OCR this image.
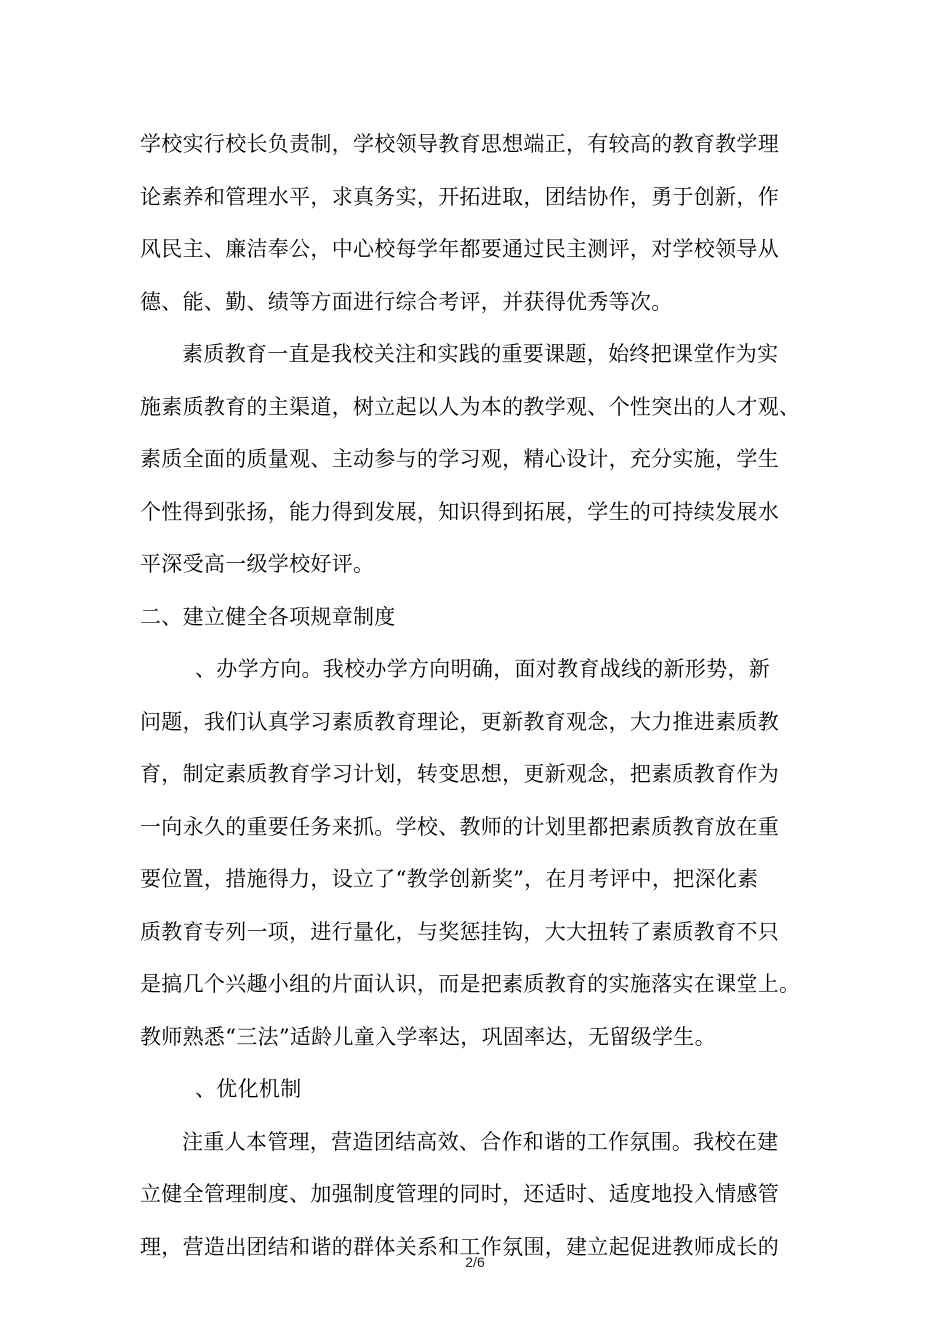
学校实行校长负责制，学校领导教育思想端正，有较高的教育教学理
论素养和管理水平，求真务实，开拓进取，团结协作，勇于创新，作
风民主、廉洁奉公，中心校每学年都要通过民主测评，对学校领导从
德、能、勤、绩等方面进行综合考评，并获得优秀等次。
素质教育一直是我校关注和实践的重要课题，始终把课堂作为实
施素质教育的主渠道，树立起以人为本的教学观、个性突出的人才观、
素质全面的质量观、主动参与的学习观，精心设计，充分实施，学生
个性得到张扬，能力得到发展，知识得到拓展，学生的可持续发展水
平深受高一级学校好评。
二、建立健全各项规章制度
、办学方向。我校办学方向明确，面对教育战线的新形势，新
问题，我们认真学习素质教育理论，更新教育观念，大力推进素质教
育，制定素质教育学习计划，转变思想，更新观念，把素质教育作为
一向永久的重要任务来抓。学校、教师的计划里都把素质教育放在重
要位置，措施得力，设立了“教学创新奖”，在月考评中，把深化素
质教育专列一项，进行量化，与奖惩挂钩，大大扭转了素质教育不只
是搞几个兴趣小组的片面认识，而是把素质教育的实施落实在课堂上。
教师熟悉“三法”适龄儿童入学率达，巩固率达，无留级学生。
、优化机制
注重人本管理，营造团结高效、合作和谐的工作氛围。我校在建
立健全管理制度、加强制度管理的同时，还适时、适度地投入情感管
理，营造出团结和谐的群体关系和工作氛围，建立起促进教师成长的
2/6
